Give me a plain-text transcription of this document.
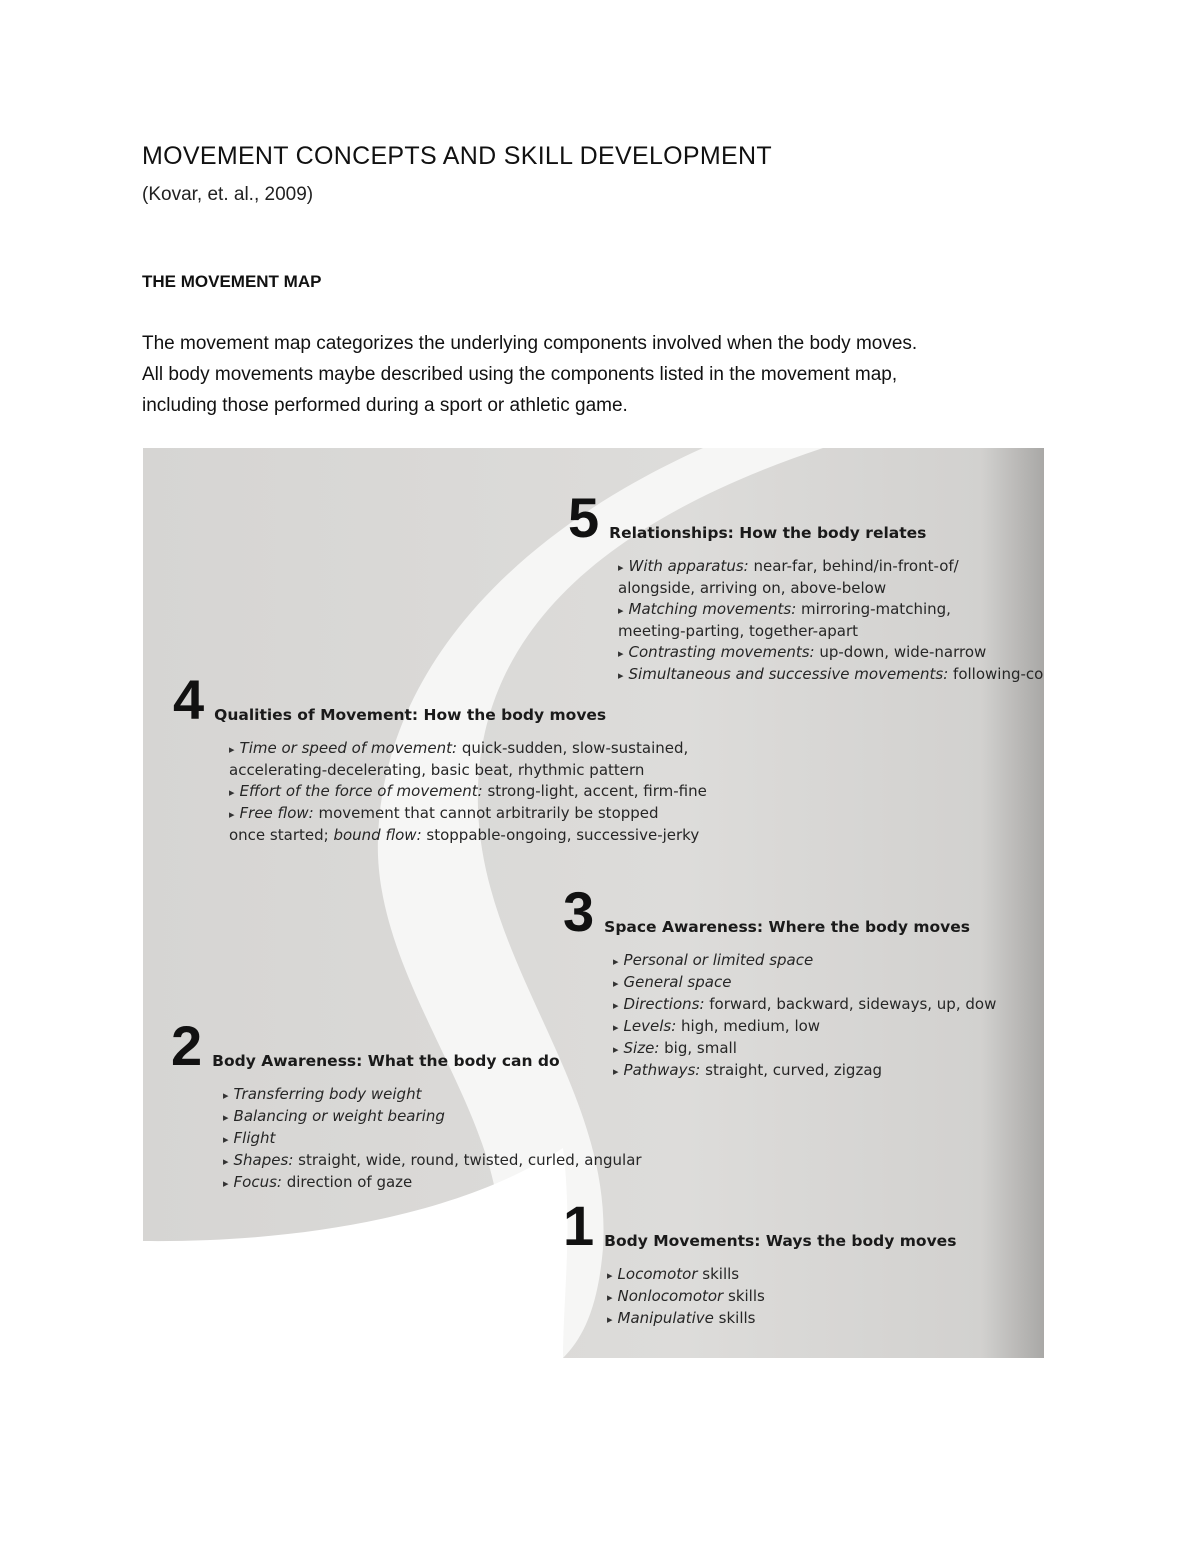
MOVEMENT CONCEPTS AND SKILL DEVELOPMENT
(Kovar, et. al., 2009)
THE MOVEMENT MAP

The movement map categorizes the underlying components involved when the body moves.
All body movements maybe described using the components listed in the movement map,
including those performed during a sport or athletic game.

5 Relationships: How the body relates
▸ With apparatus: near-far, behind/in-front-of/
alongside, arriving on, above-below
▸ Matching movements: mirroring-matching,
meeting-parting, together-apart
▸ Contrasting movements: up-down, wide-narrow
▸ Simultaneous and successive movements: following-co
4 Qualities of Movement: How the body moves
▸ Time or speed of movement: quick-sudden, slow-sustained,
accelerating-decelerating, basic beat, rhythmic pattern
▸ Effort of the force of movement: strong-light, accent, firm-fine
▸ Free flow: movement that cannot arbitrarily be stopped
once started; bound flow: stoppable-ongoing, successive-jerky
3 Space Awareness: Where the body moves
▸ Personal or limited space
▸ General space
▸ Directions: forward, backward, sideways, up, dow
▸ Levels: high, medium, low
▸ Size: big, small
▸ Pathways: straight, curved, zigzag
2 Body Awareness: What the body can do
▸ Transferring body weight
▸ Balancing or weight bearing
▸ Flight
▸ Shapes: straight, wide, round, twisted, curled, angular
▸ Focus: direction of gaze
1 Body Movements: Ways the body moves
▸ Locomotor skills
▸ Nonlocomotor skills
▸ Manipulative skills
